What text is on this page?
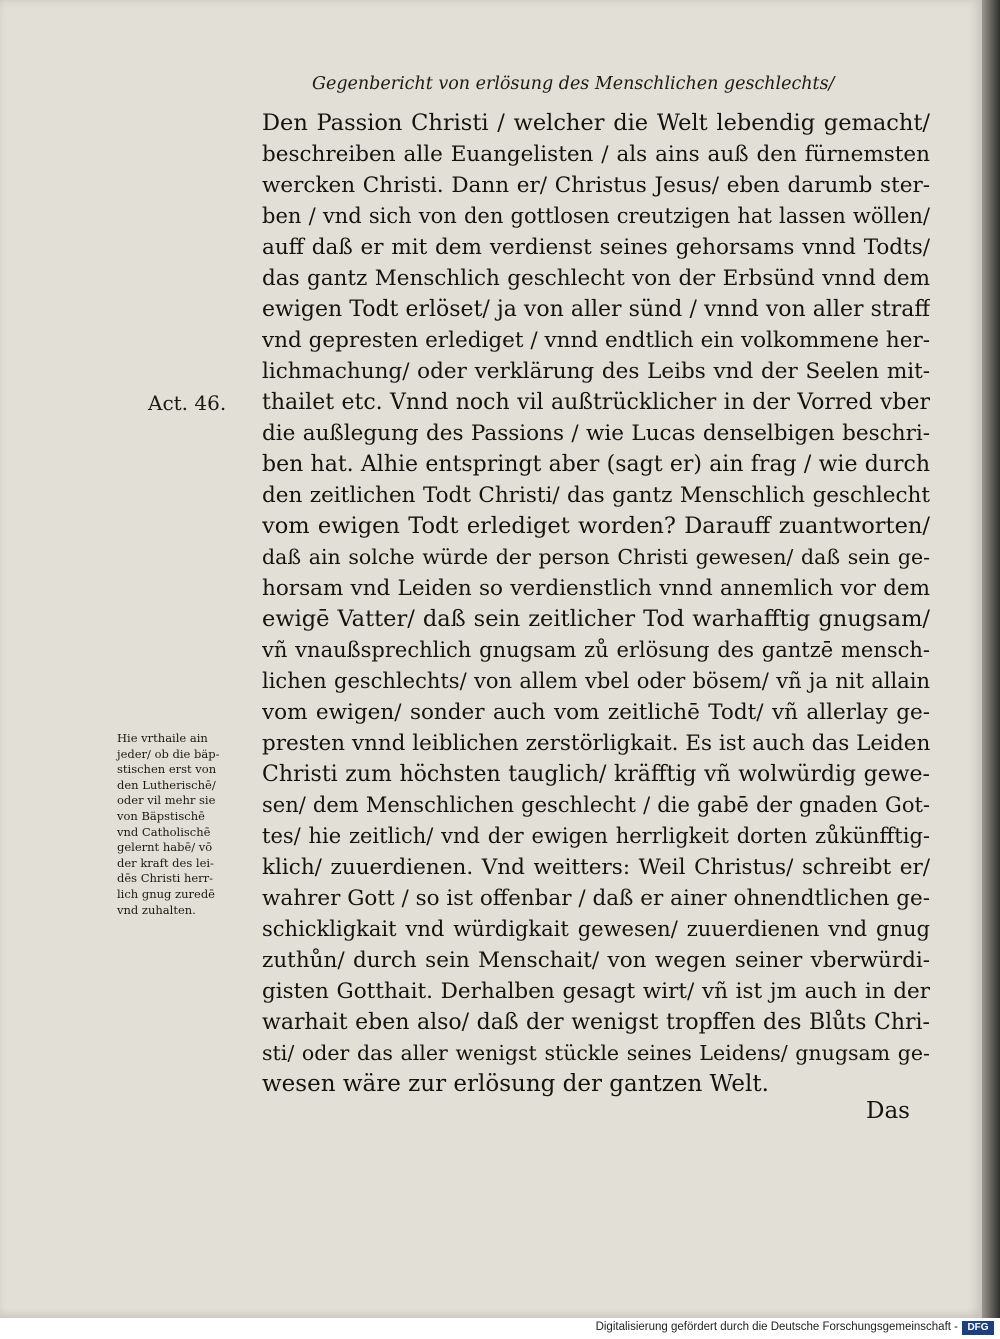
Gegenbericht von erlösung des Menschlichen geschlechts/
Act. 46.
Hie vrthaile ain
jeder/ ob die bäp-
stischen erst von
den Lutherischē/
oder vil mehr sie
von Bäpstischē
vnd Catholischē
gelernt habē/ vō
der kraft des lei-
dēs Christi herr-
lich gnug zuredē
vnd zuhalten.
Den Passion Christi / welcher die Welt lebendig gemacht/
beschreiben alle Euangelisten / als ains auß den fürnemsten
wercken Christi. Dann er/ Christus Jesus/ eben darumb ster-
ben / vnd sich von den gottlosen creutzigen hat lassen wöllen/
auff daß er mit dem verdienst seines gehorsams vnnd Todts/
das gantz Menschlich geschlecht von der Erbsünd vnnd dem
ewigen Todt erlöset/ ja von aller sünd / vnnd von aller straff
vnd gepresten erlediget / vnnd endtlich ein volkommene her-
lichmachung/ oder verklärung des Leibs vnd der Seelen mit-
thailet etc. Vnnd noch vil außtrücklicher in der Vorred vber
die außlegung des Passions / wie Lucas denselbigen beschri-
ben hat. Alhie entspringt aber (sagt er) ain frag / wie durch
den zeitlichen Todt Christi/ das gantz Menschlich geschlecht
vom ewigen Todt erlediget worden? Darauff zuantworten/
daß ain solche würde der person Christi gewesen/ daß sein ge-
horsam vnd Leiden so verdienstlich vnnd annemlich vor dem
ewigē Vatter/ daß sein zeitlicher Tod warhafftig gnugsam/
vñ vnaußsprechlich gnugsam zů erlösung des gantzē mensch-
lichen geschlechts/ von allem vbel oder bösem/ vñ ja nit allain
vom ewigen/ sonder auch vom zeitlichē Todt/ vñ allerlay ge-
presten vnnd leiblichen zerstörligkait. Es ist auch das Leiden
Christi zum höchsten tauglich/ kräfftig vñ wolwürdig gewe-
sen/ dem Menschlichen geschlecht / die gabē der gnaden Got-
tes/ hie zeitlich/ vnd der ewigen herrligkeit dorten zůkünfftig-
klich/ zuuerdienen. Vnd weitters: Weil Christus/ schreibt er/
wahrer Gott / so ist offenbar / daß er ainer ohnendtlichen ge-
schickligkait vnd würdigkait gewesen/ zuuerdienen vnd gnug
zuthůn/ durch sein Menschait/ von wegen seiner vberwürdi-
gisten Gotthait. Derhalben gesagt wirt/ vñ ist jm auch in der
warhait eben also/ daß der wenigst tropffen des Blůts Chri-
sti/ oder das aller wenigst stückle seines Leidens/ gnugsam ge-
wesen wäre zur erlösung der gantzen Welt.
Das
Digitalisierung gefördert durch die Deutsche Forschungsgemeinschaft - DFG
